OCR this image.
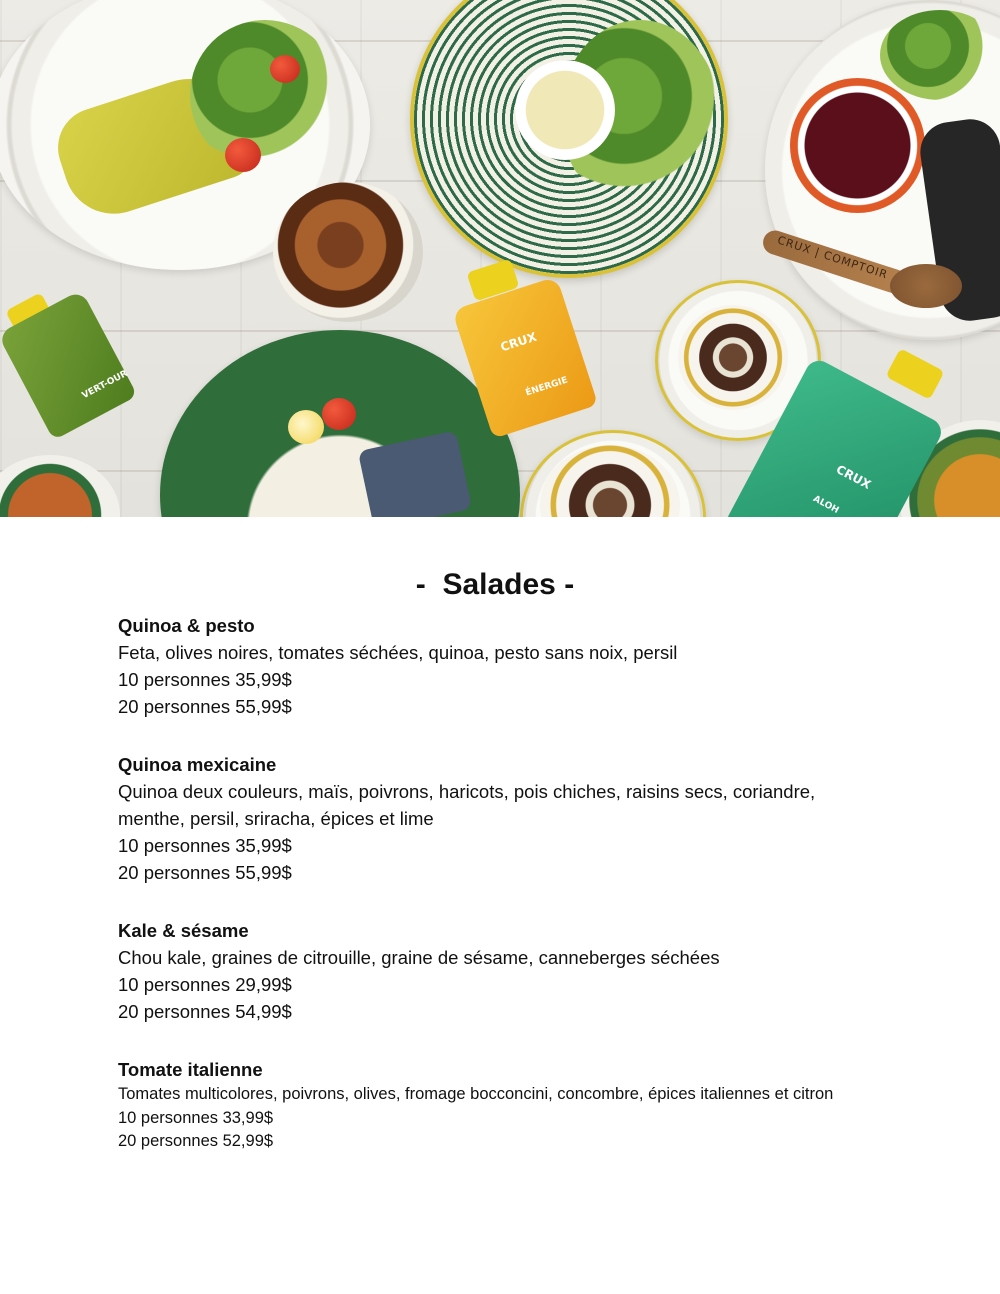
CRUX | COMPTOIR
VERT-OUR
CRUX
ÉNERGIE
CRUX
ALOH
-  Salades -
Quinoa & pesto
Feta, olives noires, tomates séchées, quinoa, pesto sans noix, persil
10 personnes 35,99$
20 personnes 55,99$
Quinoa mexicaine
Quinoa deux couleurs, maïs, poivrons, haricots, pois chiches, raisins secs, coriandre, menthe, persil, sriracha, épices et lime
10 personnes 35,99$
20 personnes 55,99$
Kale & sésame
Chou kale, graines de citrouille, graine de sésame, canneberges séchées
10 personnes 29,99$
20 personnes 54,99$
Tomate italienne
Tomates multicolores, poivrons, olives, fromage bocconcini, concombre, épices italiennes et citron
10 personnes 33,99$
20 personnes 52,99$
